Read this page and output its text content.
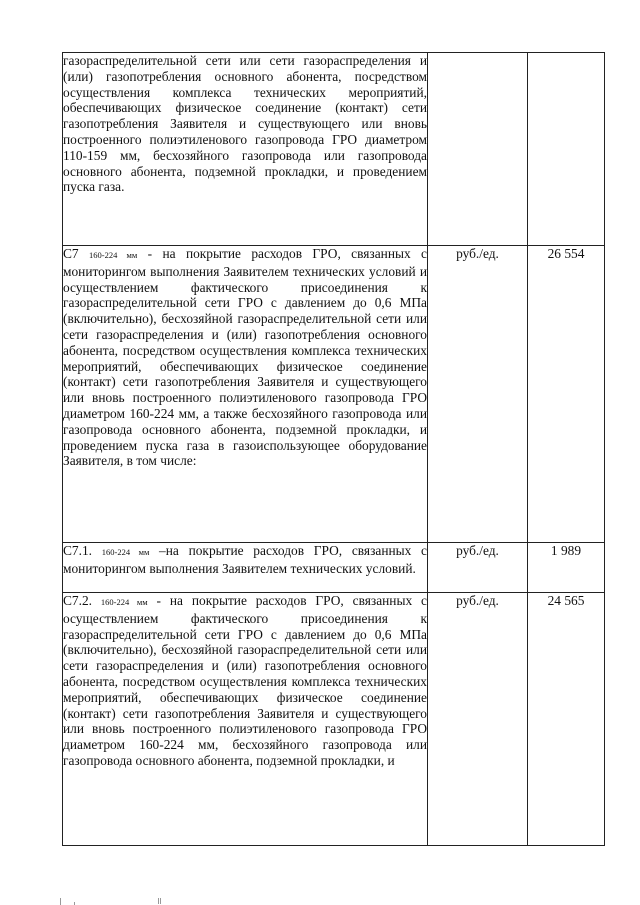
газораспределительной сети или сети газораспределения и (или) газопотребления основного абонента, посредством осуществления комплекса технических мероприятий, обеспечивающих физическое соединение (контакт) сети газопотребления Заявителя и существующего или вновь построенного полиэтиленового газопровода ГРО диаметром 110-159 мм, бесхозяйного газопровода или газопровода основного абонента, подземной прокладки, и проведением пуска газа.		
С7 160-224 мм - на покрытие расходов ГРО, связанных с мониторингом выполнения Заявителем технических условий и осуществлением фактического присоединения к газораспределительной сети ГРО с давлением до 0,6 МПа (включительно), бесхозяйной газораспределительной сети или сети газораспределения и (или) газопотребления основного абонента, посредством осуществления комплекса технических мероприятий, обеспечивающих физическое соединение (контакт) сети газопотребления Заявителя и существующего или вновь построенного полиэтиленового газопровода ГРО диаметром 160-224 мм, а также бесхозяйного газопровода или газопровода основного абонента, подземной прокладки, и проведением пуска газа в газоиспользующее оборудование Заявителя, в том числе:	руб./ед.	26 554
С7.1. 160-224 мм –на покрытие расходов ГРО, связанных с мониторингом выполнения Заявителем технических условий.	руб./ед.	1 989
С7.2. 160-224 мм - на покрытие расходов ГРО, связанных с осуществлением фактического присоединения к газораспределительной сети ГРО с давлением до 0,6 МПа (включительно), бесхозяйной газораспределительной сети или сети газораспределения и (или) газопотребления основного абонента, посредством осуществления комплекса технических мероприятий, обеспечивающих физическое соединение (контакт) сети газопотребления Заявителя и существующего или вновь построенного полиэтиленового газопровода ГРО диаметром 160-224 мм, бесхозяйного газопровода или газопровода основного абонента, подземной прокладки, и	руб./ед.	24 565
